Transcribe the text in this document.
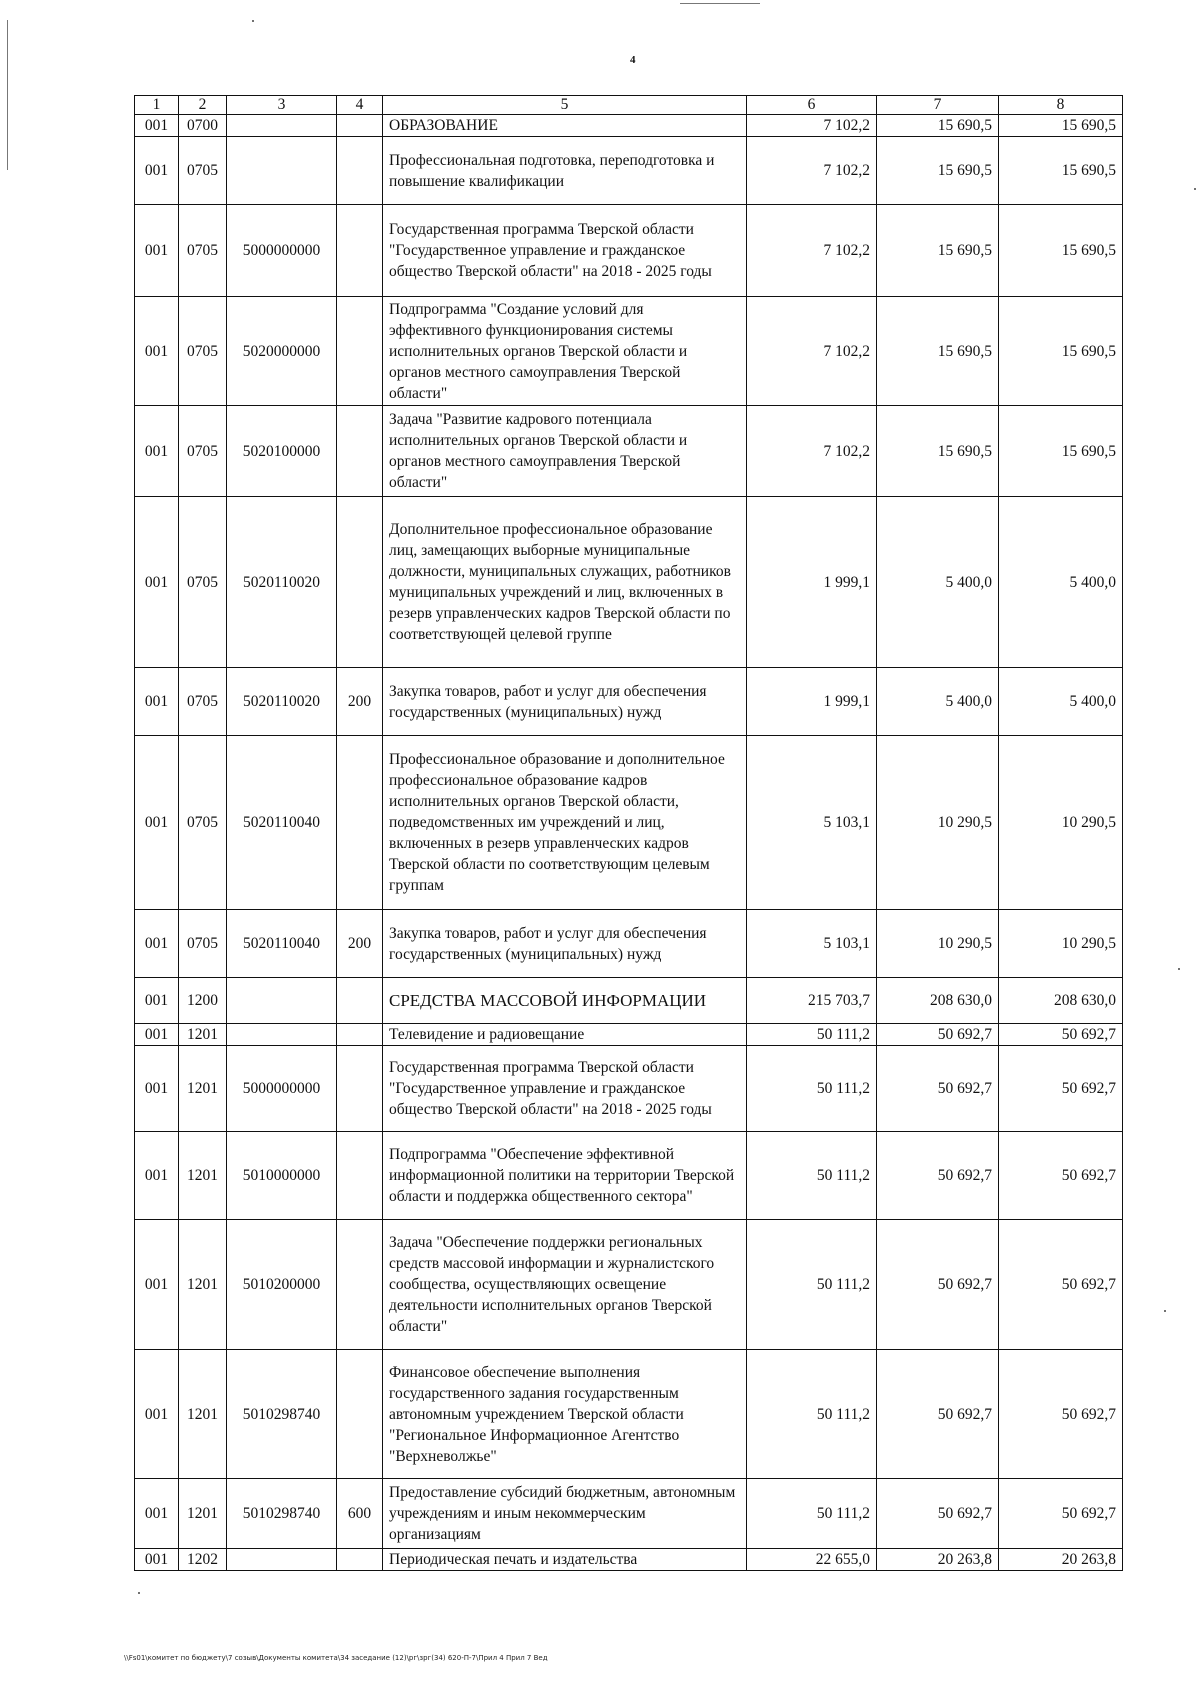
4
1	2	3	4	5	6	7	8
001	0700			ОБРАЗОВАНИЕ	7 102,2	15 690,5	15 690,5
001	0705			Профессиональная подготовка, переподготовка и повышение квалификации	7 102,2	15 690,5	15 690,5
001	0705	5000000000		Государственная программа Тверской области "Государственное управление и гражданское общество Тверской области" на 2018 - 2025 годы	7 102,2	15 690,5	15 690,5
001	0705	5020000000		Подпрограмма "Создание условий для эффективного функционирования системы исполнительных органов Тверской области и органов местного самоуправления Тверской области"	7 102,2	15 690,5	15 690,5
001	0705	5020100000		Задача "Развитие кадрового потенциала исполнительных органов Тверской области и органов местного самоуправления Тверской области"	7 102,2	15 690,5	15 690,5
001	0705	5020110020		Дополнительное профессиональное образование лиц, замещающих выборные муниципальные должности, муниципальных служащих, работников муниципальных учреждений и лиц, включенных в резерв управленческих кадров Тверской области по соответствующей целевой группе	1 999,1	5 400,0	5 400,0
001	0705	5020110020	200	Закупка товаров, работ и услуг для обеспечения государственных (муниципальных) нужд	1 999,1	5 400,0	5 400,0
001	0705	5020110040		Профессиональное образование и дополнительное профессиональное образование кадров исполнительных органов Тверской области, подведомственных им учреждений и лиц, включенных в резерв управленческих кадров Тверской области по соответствующим целевым группам	5 103,1	10 290,5	10 290,5
001	0705	5020110040	200	Закупка товаров, работ и услуг для обеспечения государственных (муниципальных) нужд	5 103,1	10 290,5	10 290,5
001	1200			СРЕДСТВА МАССОВОЙ ИНФОРМАЦИИ	215 703,7	208 630,0	208 630,0
001	1201			Телевидение и радиовещание	50 111,2	50 692,7	50 692,7
001	1201	5000000000		Государственная программа Тверской области "Государственное управление и гражданское общество Тверской области" на 2018 - 2025 годы	50 111,2	50 692,7	50 692,7
001	1201	5010000000		Подпрограмма "Обеспечение эффективной информационной политики на территории Тверской области и поддержка общественного сектора"	50 111,2	50 692,7	50 692,7
001	1201	5010200000		Задача "Обеспечение поддержки региональных средств массовой информации и журналистского сообщества, осуществляющих освещение деятельности исполнительных органов Тверской области"	50 111,2	50 692,7	50 692,7
001	1201	5010298740		Финансовое обеспечение выполнения государственного задания государственным автономным учреждением Тверской области "Региональное Информационное Агентство "Верхневолжье"	50 111,2	50 692,7	50 692,7
001	1201	5010298740	600	Предоставление субсидий бюджетным, автономным учреждениям и иным некоммерческим организациям	50 111,2	50 692,7	50 692,7
001	1202			Периодическая печать и издательства	22 655,0	20 263,8	20 263,8
\\Fs01\комитет по бюджету\7 созыв\Документы комитета\34 заседание (12)\рг\зрг(34) 620-П-7\Прил 4 Прил 7 Вед
